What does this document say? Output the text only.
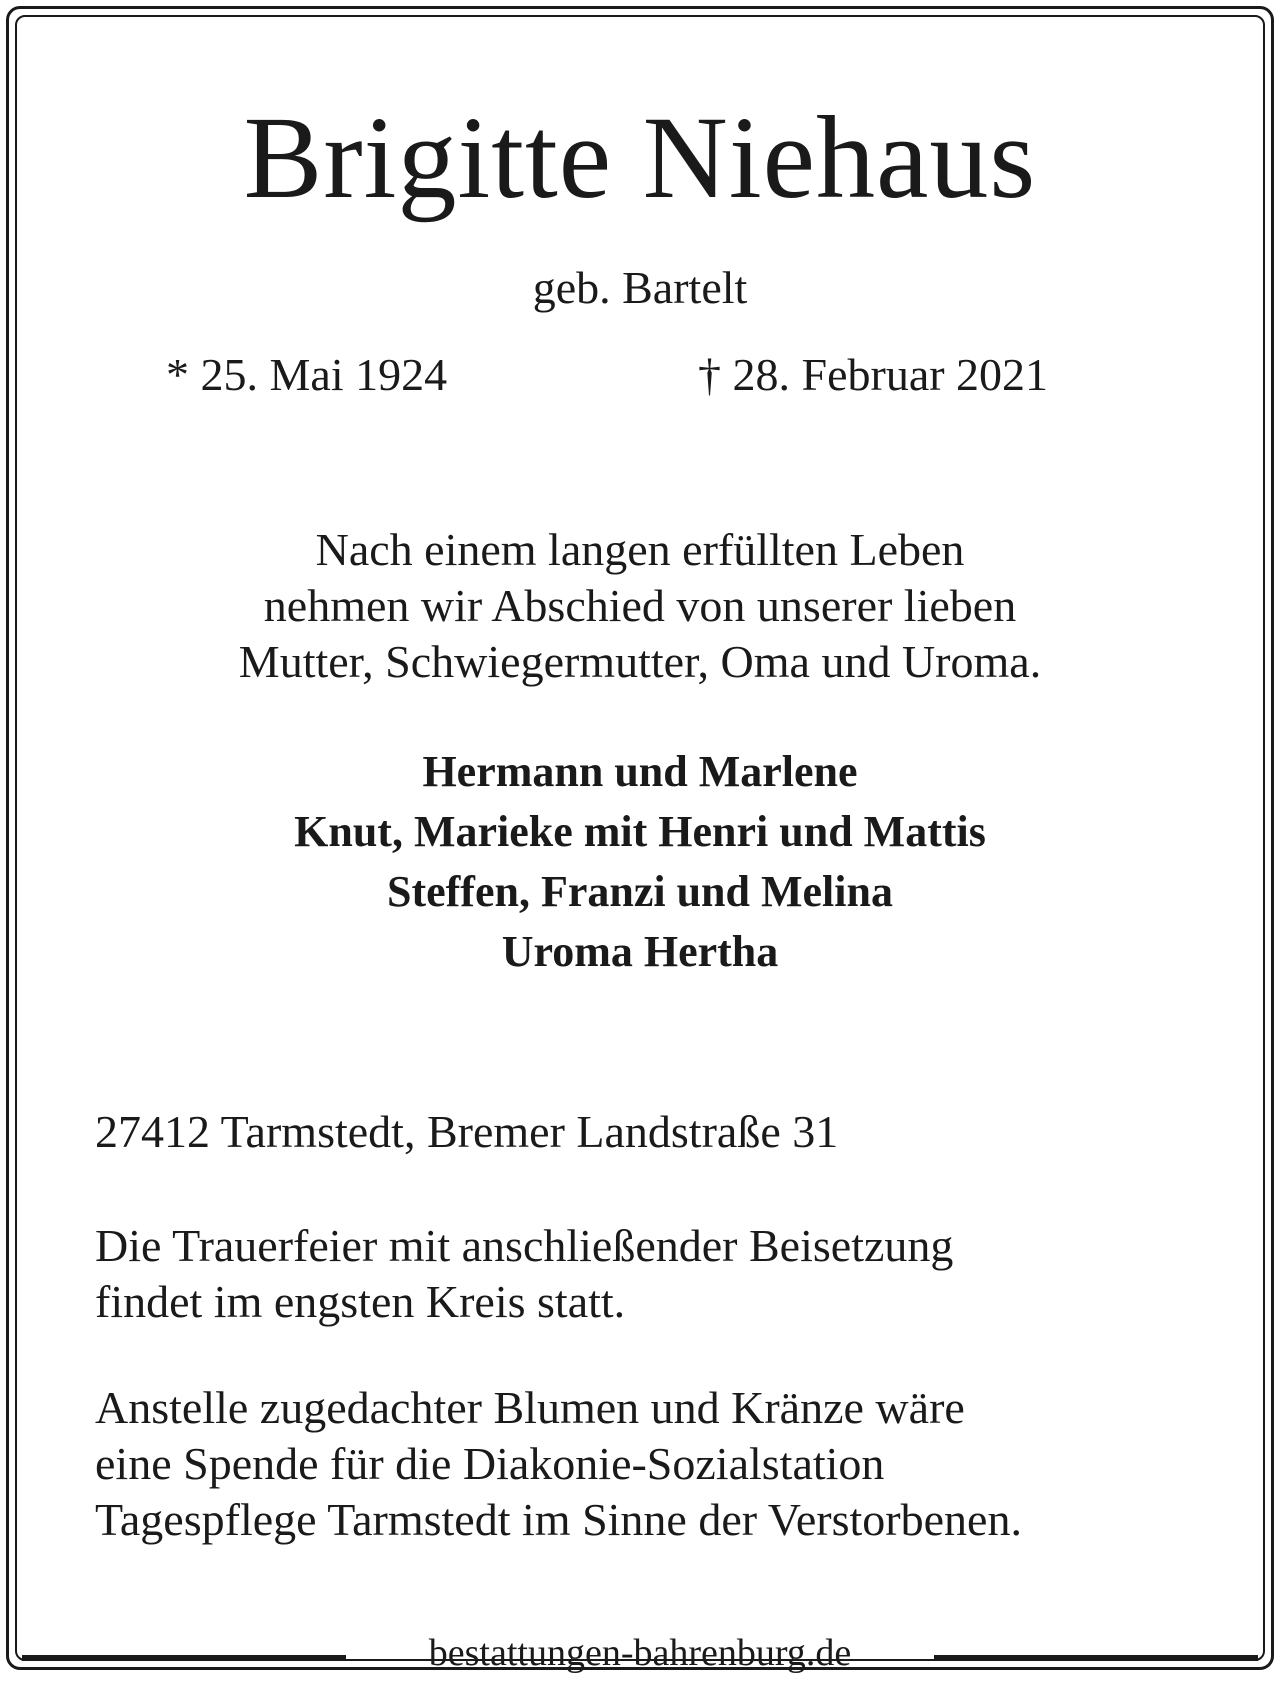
Brigitte Niehaus
geb. Bartelt
* 25. Mai 1924	† 28. Februar 2021
Nach einem langen erfüllten Leben
nehmen wir Abschied von unserer lieben
Mutter, Schwiegermutter, Oma und Uroma.
Hermann und Marlene
Knut, Marieke mit Henri und Mattis
Steffen, Franzi und Melina
Uroma Hertha
27412 Tarmstedt, Bremer Landstraße 31
Die Trauerfeier mit anschließender Beisetzung
findet im engsten Kreis statt.
Anstelle zugedachter Blumen und Kränze wäre
eine Spende für die Diakonie-Sozialstation
Tagespflege Tarmstedt im Sinne der Verstorbenen.
bestattungen-bahrenburg.de
